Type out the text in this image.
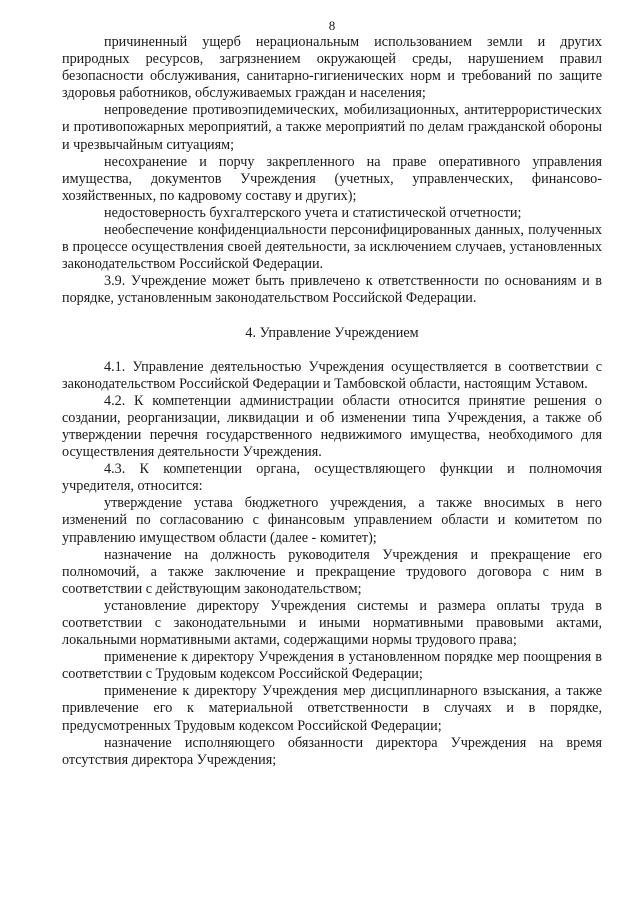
8

причиненный ущерб нерациональным использованием земли и других природных ресурсов, загрязнением окружающей среды, нарушением правил безопасности обслуживания, санитарно-гигиенических норм и требований по защите здоровья работников, обслуживаемых граждан и населения;

непроведение противоэпидемических, мобилизационных, антитеррористических и противопожарных мероприятий, а также мероприятий по делам гражданской обороны и чрезвычайным ситуациям;

несохранение и порчу закрепленного на праве оперативного управления имущества, документов Учреждения (учетных, управленческих, финансово-хозяйственных, по кадровому составу и других);

недостоверность бухгалтерского учета и статистической отчетности;

необеспечение конфиденциальности персонифицированных данных, полученных в процессе осуществления своей деятельности, за исключением случаев, установленных законодательством Российской Федерации.

3.9. Учреждение может быть привлечено к ответственности по основаниям и в порядке, установленным законодательством Российской Федерации.

4. Управление Учреждением

4.1. Управление деятельностью Учреждения осуществляется в соответствии с законодательством Российской Федерации и Тамбовской области, настоящим Уставом.

4.2. К компетенции администрации области относится принятие решения о создании, реорганизации, ликвидации и об изменении типа Учреждения, а также об утверждении перечня государственного недвижимого имущества, необходимого для осуществления деятельности Учреждения.

4.3. К компетенции органа, осуществляющего функции и полномочия учредителя, относится:

утверждение устава бюджетного учреждения, а также вносимых в него изменений по согласованию с финансовым управлением области и комитетом по управлению имуществом области (далее - комитет);

назначение на должность руководителя Учреждения и прекращение его полномочий, а также заключение и прекращение трудового договора с ним в соответствии с действующим законодательством;

установление директору Учреждения системы и размера оплаты труда в соответствии с законодательными и иными нормативными правовыми актами, локальными нормативными актами, содержащими нормы трудового права;

применение к директору Учреждения в установленном порядке мер поощрения в соответствии с Трудовым кодексом Российской Федерации;

применение к директору Учреждения мер дисциплинарного взыскания, а также привлечение его к материальной ответственности в случаях и в порядке, предусмотренных Трудовым кодексом Российской Федерации;

назначение исполняющего обязанности директора Учреждения на время отсутствия директора Учреждения;
